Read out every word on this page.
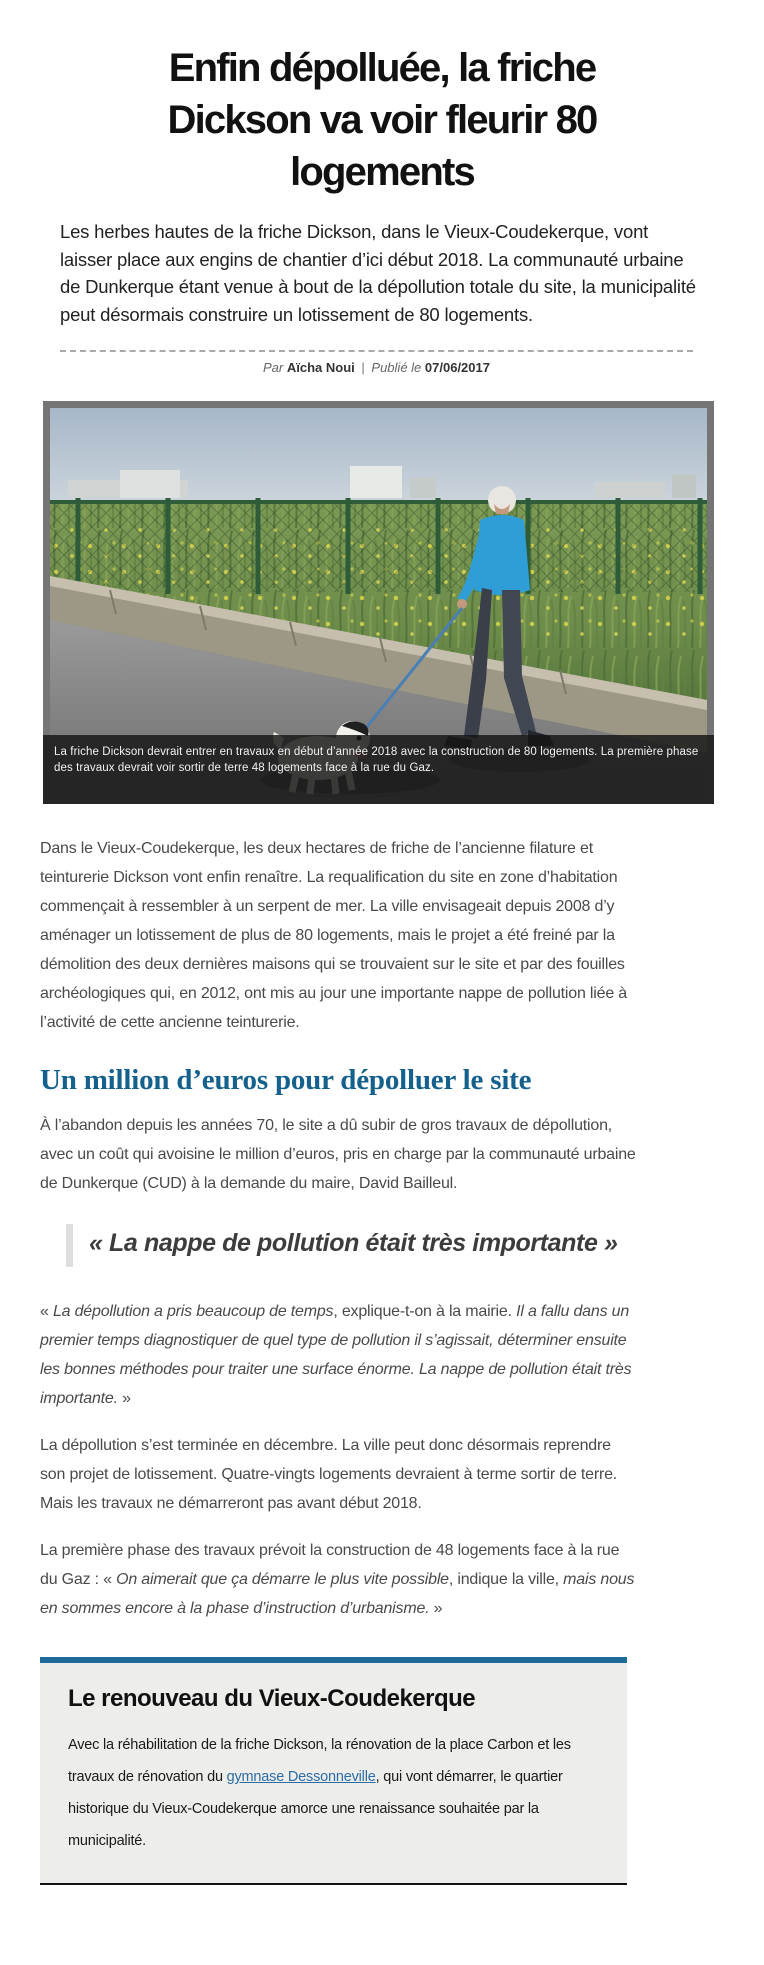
Enfin dépolluée, la friche
Dickson va voir fleurir 80
logements

Les herbes hautes de la friche Dickson, dans le Vieux-Coudekerque, vont laisser place aux engins de chantier d’ici début 2018. La communauté urbaine de Dunkerque étant venue à bout de la dépollution totale du site, la municipalité peut désormais construire un lotissement de 80 logements.

Par Aïcha Noui | Publié le 07/06/2017
La friche Dickson devrait entrer en travaux en début d’année 2018 avec la construction de 80 logements. La première phase des travaux devrait voir sortir de terre 48 logements face à la rue du Gaz.

Dans le Vieux-Coudekerque, les deux hectares de friche de l’ancienne filature et teinturerie Dickson vont enfin renaître. La requalification du site en zone d’habitation commençait à ressembler à un serpent de mer. La ville envisageait depuis 2008 d’y aménager un lotissement de plus de 80 logements, mais le projet a été freiné par la démolition des deux dernières maisons qui se trouvaient sur le site et par des fouilles archéologiques qui, en 2012, ont mis au jour une importante nappe de pollution liée à l’activité de cette ancienne teinturerie.

Un million d’euros pour dépolluer le site

À l’abandon depuis les années 70, le site a dû subir de gros travaux de dépollution, avec un coût qui avoisine le million d’euros, pris en charge par la communauté urbaine de Dunkerque (CUD) à la demande du maire, David Bailleul.

« La nappe de pollution était très importante »

« La dépollution a pris beaucoup de temps, explique-t-on à la mairie. Il a fallu dans un premier temps diagnostiquer de quel type de pollution il s’agissait, déterminer ensuite les bonnes méthodes pour traiter une surface énorme. La nappe de pollution était très importante. »

La dépollution s’est terminée en décembre. La ville peut donc désormais reprendre son projet de lotissement. Quatre-vingts logements devraient à terme sortir de terre. Mais les travaux ne démarreront pas avant début 2018.

La première phase des travaux prévoit la construction de 48 logements face à la rue du Gaz : « On aimerait que ça démarre le plus vite possible, indique la ville, mais nous en sommes encore à la phase d’instruction d’urbanisme. »

Le renouveau du Vieux-Coudekerque
Avec la réhabilitation de la friche Dickson, la rénovation de la place Carbon et les travaux de rénovation du gymnase Dessonneville, qui vont démarrer, le quartier historique du Vieux-Coudekerque amorce une renaissance souhaitée par la municipalité.
